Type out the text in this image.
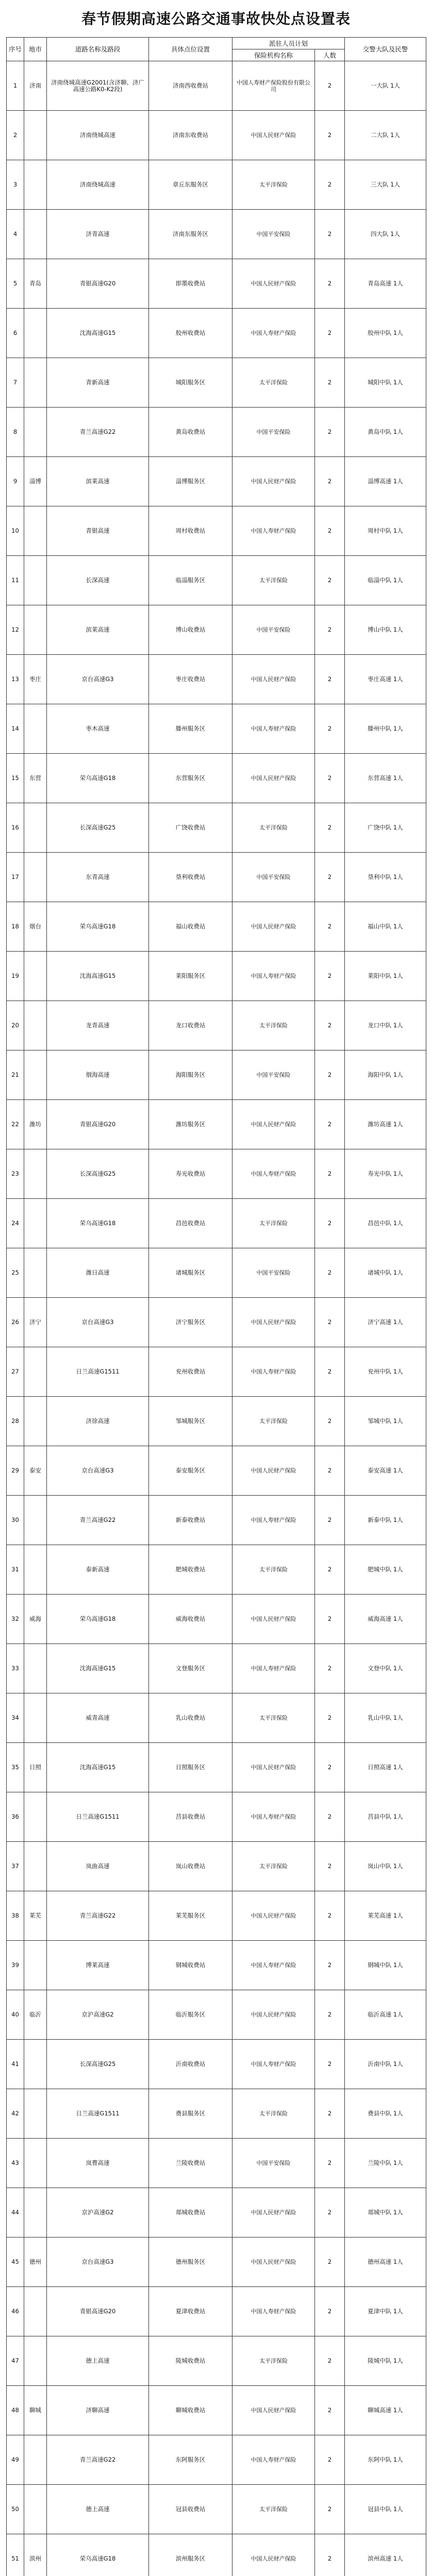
春节假期高速公路交通事故快处点设置表
序号	地市	道路名称及路段	具体点位设置	派驻人员计划		交警大队及民警
				保险机构名称	人数	
1	济南	济南绕城高速G2001(含济聊、济广高速公路K0-K2段)	济南西收费站	中国人寿财产保险股份有限公司	2	一大队 1人
2		济南绕城高速	济南东收费站	中国人民财产保险	2	二大队 1人
3		济南绕城高速	章丘东服务区	太平洋保险	2	三大队 1人
4		济青高速	济南东服务区	中国平安保险	2	四大队 1人
5	青岛	青银高速G20	即墨收费站	中国人民财产保险	2	青岛高速 1人
6		沈海高速G15	胶州收费站	中国人寿财产保险	2	胶州中队 1人
7		青新高速	城阳服务区	太平洋保险	2	城阳中队 1人
8		青兰高速G22	黄岛收费站	中国平安保险	2	黄岛中队 1人
9	淄博	滨莱高速	淄博服务区	中国人民财产保险	2	淄博高速 1人
10		青银高速	周村收费站	中国人寿财产保险	2	周村中队 1人
11		长深高速	临淄服务区	太平洋保险	2	临淄中队 1人
12		滨莱高速	博山收费站	中国平安保险	2	博山中队 1人
13	枣庄	京台高速G3	枣庄收费站	中国人民财产保险	2	枣庄高速 1人
14		枣木高速	滕州服务区	中国人寿财产保险	2	滕州中队 1人
15	东营	荣乌高速G18	东营服务区	中国人民财产保险	2	东营高速 1人
16		长深高速G25	广饶收费站	太平洋保险	2	广饶中队 1人
17		东青高速	垦利收费站	中国平安保险	2	垦利中队 1人
18	烟台	荣乌高速G18	福山收费站	中国人民财产保险	2	福山中队 1人
19		沈海高速G15	莱阳服务区	中国人寿财产保险	2	莱阳中队 1人
20		龙青高速	龙口收费站	太平洋保险	2	龙口中队 1人
21		烟海高速	海阳服务区	中国平安保险	2	海阳中队 1人
22	潍坊	青银高速G20	潍坊服务区	中国人民财产保险	2	潍坊高速 1人
23		长深高速G25	寿光收费站	中国人寿财产保险	2	寿光中队 1人
24		荣乌高速G18	昌邑收费站	太平洋保险	2	昌邑中队 1人
25		潍日高速	诸城服务区	中国平安保险	2	诸城中队 1人
26	济宁	京台高速G3	济宁服务区	中国人民财产保险	2	济宁高速 1人
27		日兰高速G1511	兖州收费站	中国人寿财产保险	2	兖州中队 1人
28		济徐高速	邹城服务区	太平洋保险	2	邹城中队 1人
29	泰安	京台高速G3	泰安服务区	中国人民财产保险	2	泰安高速 1人
30		青兰高速G22	新泰收费站	中国人寿财产保险	2	新泰中队 1人
31		泰新高速	肥城收费站	太平洋保险	2	肥城中队 1人
32	威海	荣乌高速G18	威海收费站	中国人民财产保险	2	威海高速 1人
33		沈海高速G15	文登服务区	中国人寿财产保险	2	文登中队 1人
34		威青高速	乳山收费站	太平洋保险	2	乳山中队 1人
35	日照	沈海高速G15	日照服务区	中国人民财产保险	2	日照高速 1人
36		日兰高速G1511	莒县收费站	中国人寿财产保险	2	莒县中队 1人
37		岚曲高速	岚山收费站	太平洋保险	2	岚山中队 1人
38	莱芜	青兰高速G22	莱芜服务区	中国人民财产保险	2	莱芜高速 1人
39		博莱高速	钢城收费站	中国人寿财产保险	2	钢城中队 1人
40	临沂	京沪高速G2	临沂服务区	中国人民财产保险	2	临沂高速 1人
41		长深高速G25	沂南收费站	中国人寿财产保险	2	沂南中队 1人
42		日兰高速G1511	费县服务区	太平洋保险	2	费县中队 1人
43		岚曹高速	兰陵收费站	中国平安保险	2	兰陵中队 1人
44		京沪高速G2	郯城收费站	中国人民财产保险	2	郯城中队 1人
45	德州	京台高速G3	德州服务区	中国人民财产保险	2	德州高速 1人
46		青银高速G20	夏津收费站	中国人寿财产保险	2	夏津中队 1人
47		德上高速	陵城收费站	太平洋保险	2	陵城中队 1人
48	聊城	济聊高速	聊城收费站	中国人民财产保险	2	聊城高速 1人
49		青兰高速G22	东阿服务区	中国人寿财产保险	2	东阿中队 1人
50		德上高速	冠县收费站	太平洋保险	2	冠县中队 1人
51	滨州	荣乌高速G18	滨州服务区	中国人民财产保险	2	滨州高速 1人
